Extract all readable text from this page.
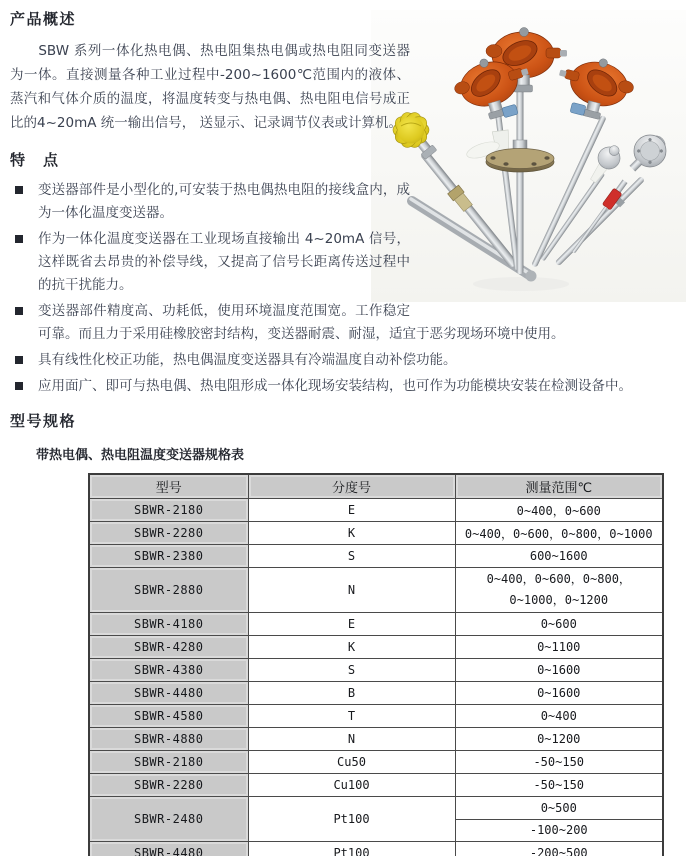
产品概述

SBW 系列一体化热电偶、热电阻集热电偶或热电阻同变送器为一体。直接测量各种工业过程中-200~1600℃范围内的液体、蒸汽和气体介质的温度，将温度转变与热电偶、热电阻电信号成正比的4~20mA 统一输出信号， 送显示、记录调节仪表或计算机。

特　点
变送器部件是小型化的,可安装于热电偶热电阻的接线盒内，成为一体化温度变送器。
作为一体化温度变送器在工业现场直接输出 4~20mA 信号，这样既省去昂贵的补偿导线，又提高了信号长距离传送过程中的抗干扰能力。
变送器部件精度高、功耗低，使用环境温度范围宽。工作稳定可靠。而且力于采用硅橡胶密封结构，变送器耐震、耐湿，适宜于恶劣现场环境中使用。
具有线性化校正功能，热电偶温度变送器具有冷端温度自动补偿功能。
应用面广、即可与热电偶、热电阻形成一体化现场安装结构，也可作为功能模块安装在检测设备中。
型号规格
带热电偶、热电阻温度变送器规格表
型号	分度号	测量范围℃
SBWR-2180	E	0~400，0~600
SBWR-2280	K	0~400，0~600，0~800，0~1000
SBWR-2380	S	600~1600
SBWR-2880	N	0~400，0~600，0~800，
0~1000，0~1200

SBWR-4180	E	0~600
SBWR-4280	K	0~1100
SBWR-4380	S	0~1600
SBWR-4480	B	0~1600
SBWR-4580	T	0~400
SBWR-4880	N	0~1200
SBWR-2180	Cu50	-50~150
SBWR-2280	Cu100	-50~150
SBWR-2480	Pt100	0~500
-100~200

SBWR-4480	Pt100	-200~500
